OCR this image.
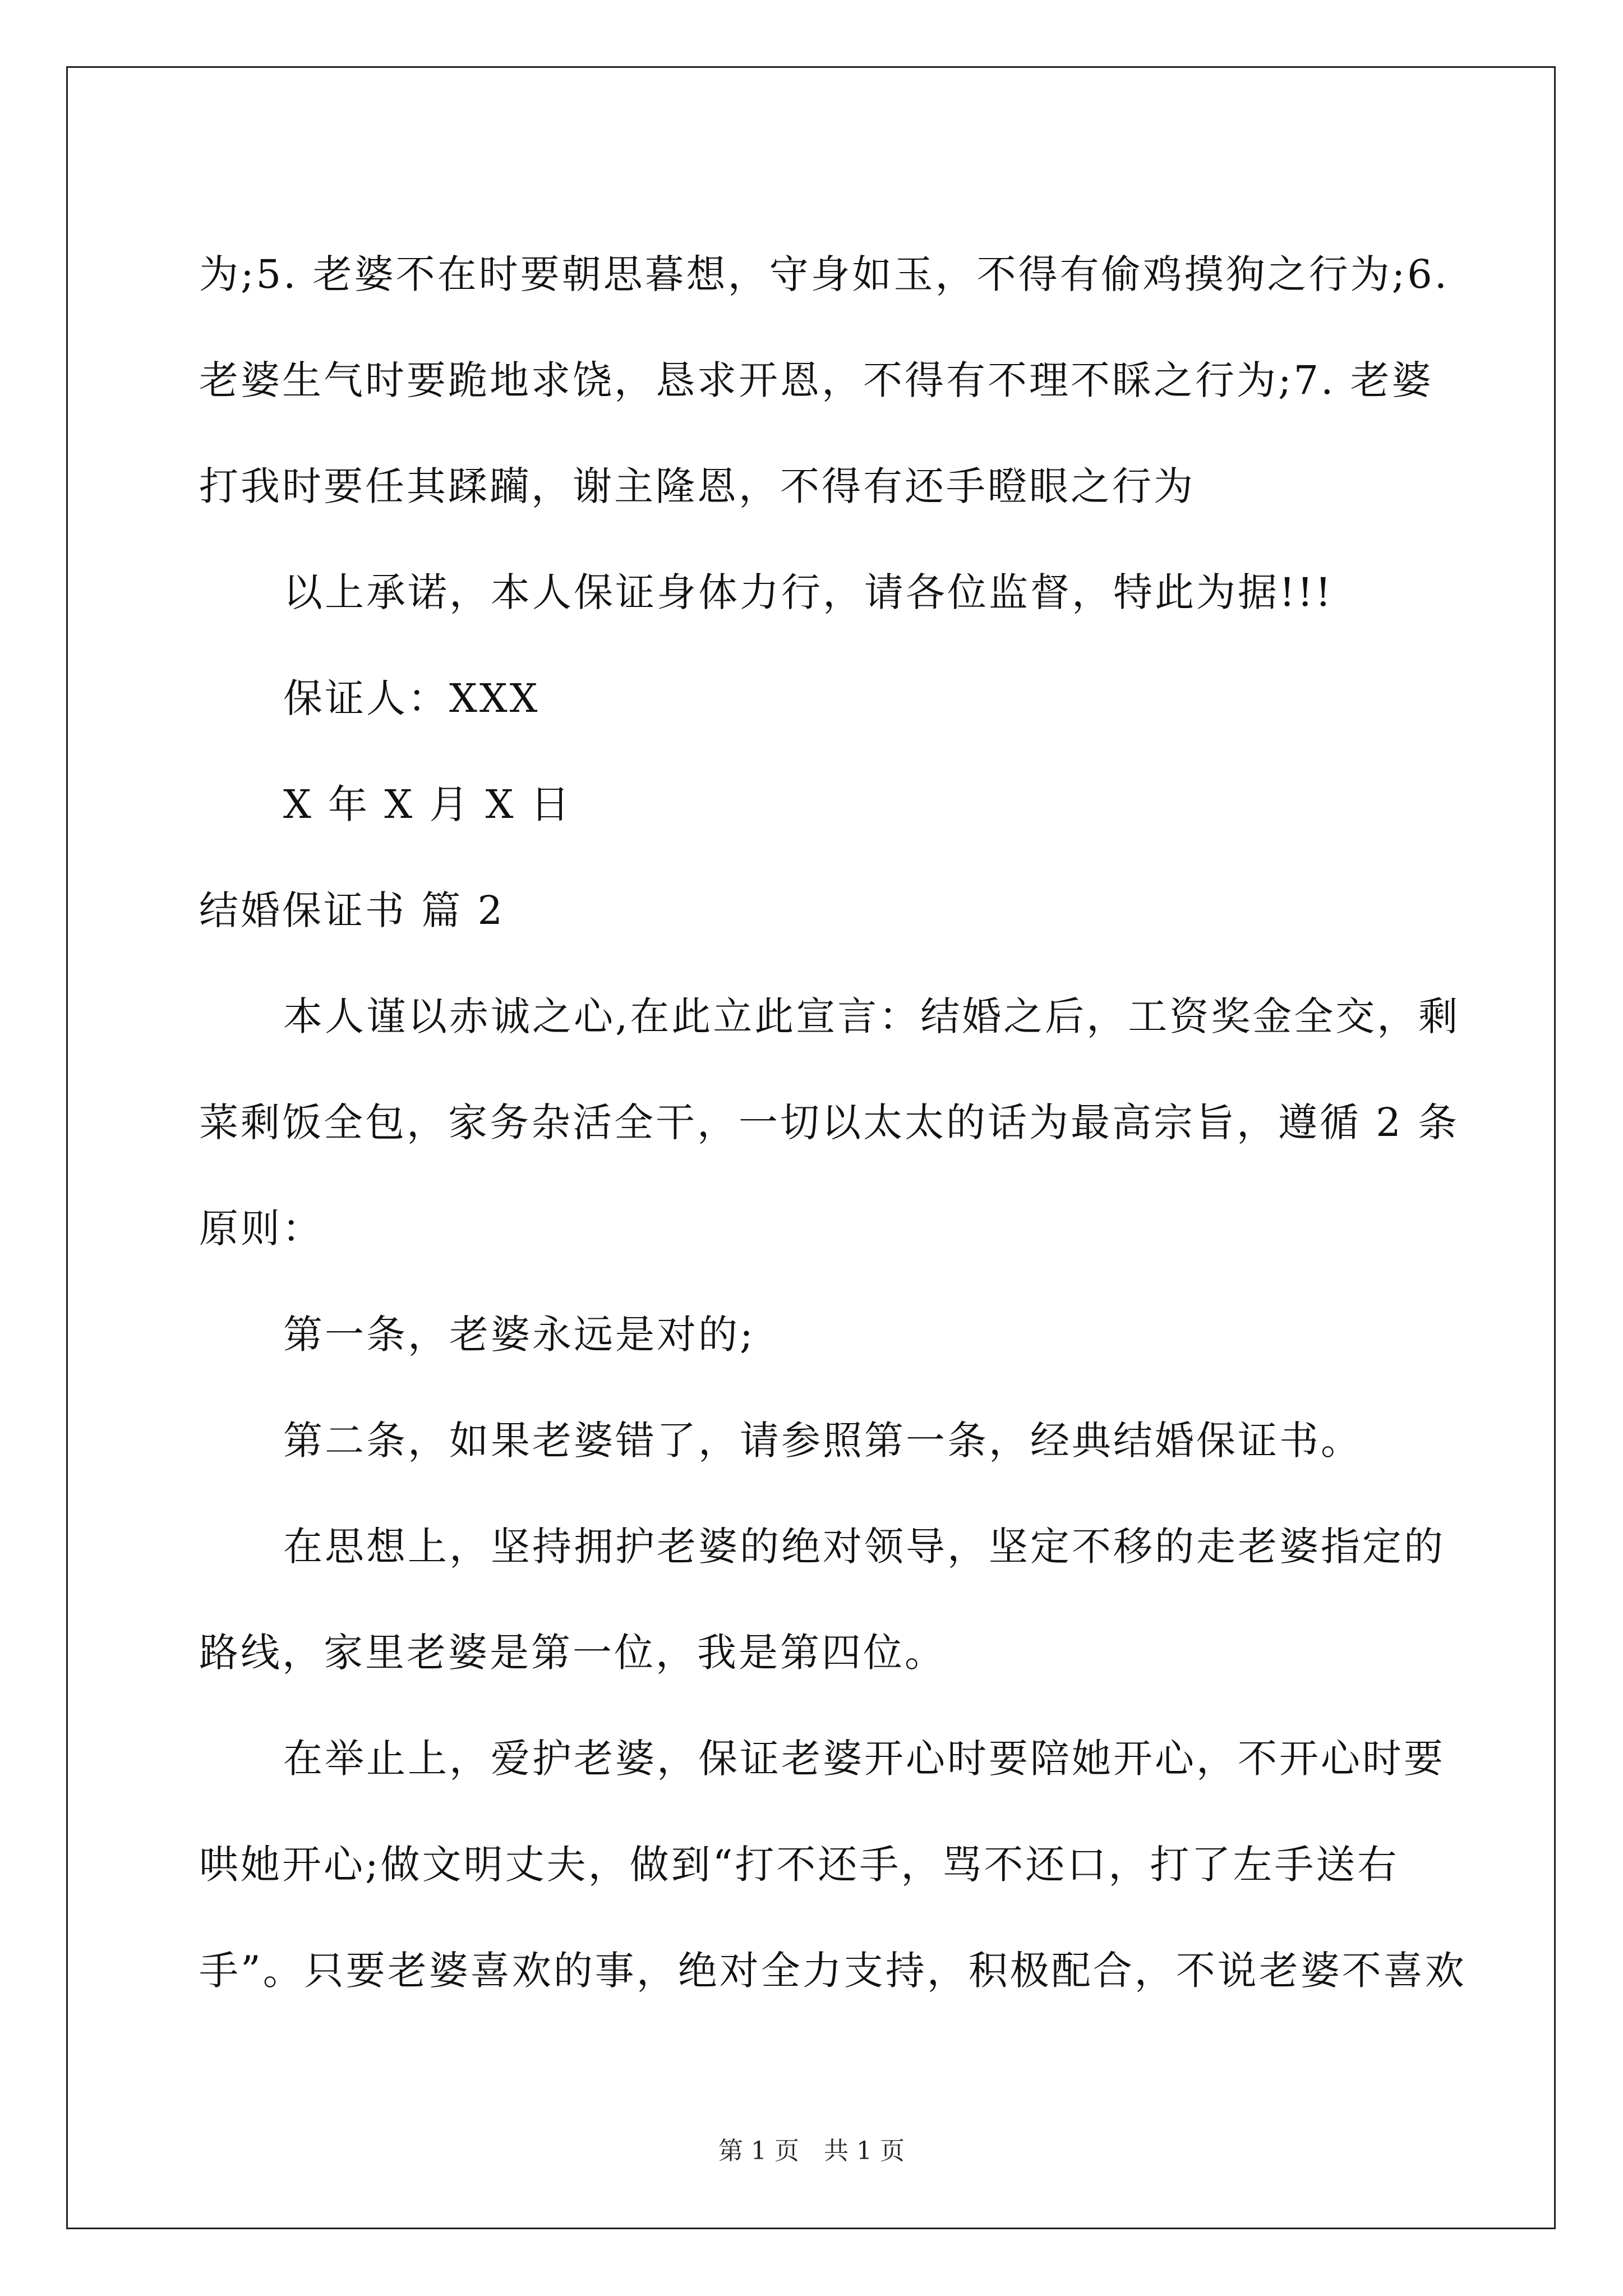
为;5. 老婆不在时要朝思暮想，守身如玉，不得有偷鸡摸狗之行为;6.
老婆生气时要跪地求饶，恳求开恩，不得有不理不睬之行为;7. 老婆
打我时要任其蹂躏，谢主隆恩，不得有还手瞪眼之行为
以上承诺，本人保证身体力行，请各位监督，特此为据!!!
保证人：XXX
X 年 X 月 X 日
结婚保证书 篇 2
本人谨以赤诚之心,在此立此宣言：结婚之后，工资奖金全交，剩
菜剩饭全包，家务杂活全干，一切以太太的话为最高宗旨，遵循 2 条
原则：
第一条，老婆永远是对的;
第二条，如果老婆错了，请参照第一条，经典结婚保证书。
在思想上，坚持拥护老婆的绝对领导，坚定不移的走老婆指定的
路线，家里老婆是第一位，我是第四位。
在举止上，爱护老婆，保证老婆开心时要陪她开心，不开心时要
哄她开心;做文明丈夫，做到“打不还手，骂不还口，打了左手送右
手”。只要老婆喜欢的事，绝对全力支持，积极配合，不说老婆不喜欢
第 1 页　共 1 页
